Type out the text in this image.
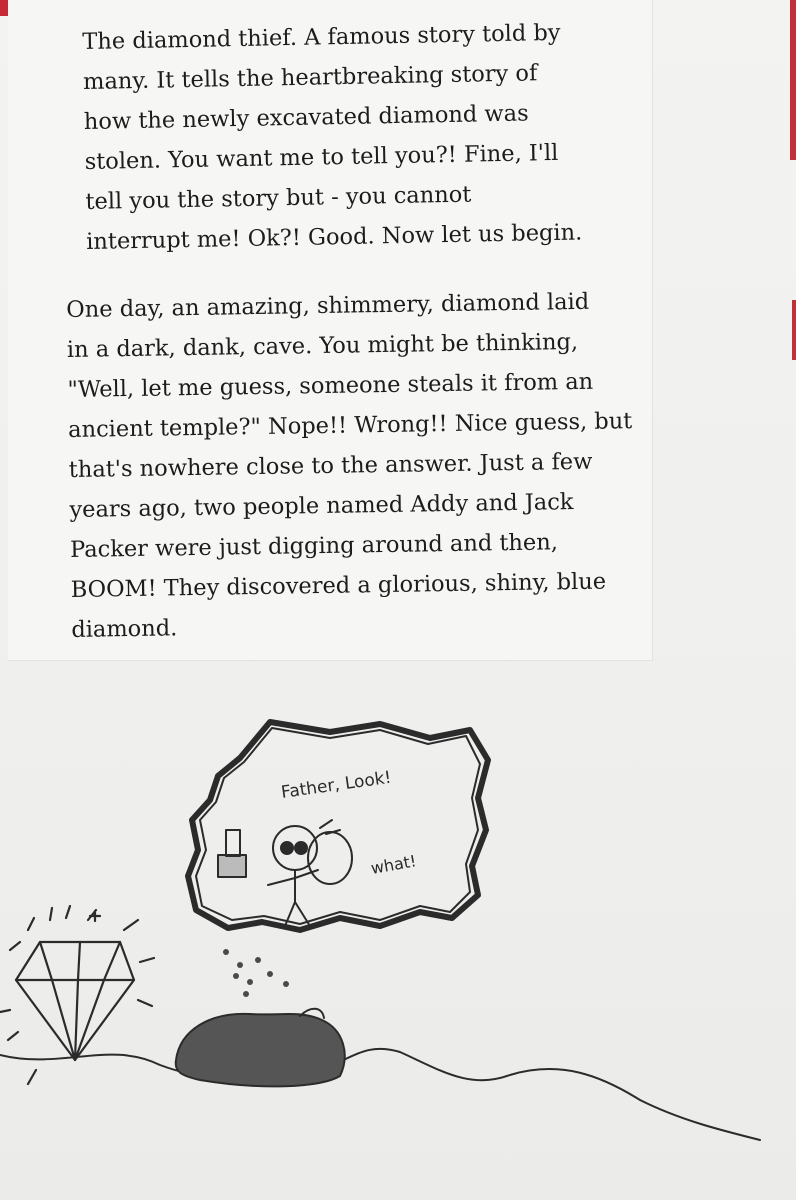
The diamond thief. A famous story told by
many. It tells the heartbreaking story of
how the newly excavated diamond was
stolen. You want me to tell you?! Fine, I'll
tell you the story but - you cannot
interrupt me! Ok?! Good. Now let us begin.

One day, an amazing, shimmery, diamond laid
in a dark, dank, cave. You might be thinking,
"Well, let me guess, someone steals it from an
ancient temple?" Nope!! Wrong!! Nice guess, but
that's nowhere close to the answer. Just a few
years ago, two people named Addy and Jack
Packer were just digging around and then,
BOOM! They discovered a glorious, shiny, blue
diamond.

Father, Look!
what!
